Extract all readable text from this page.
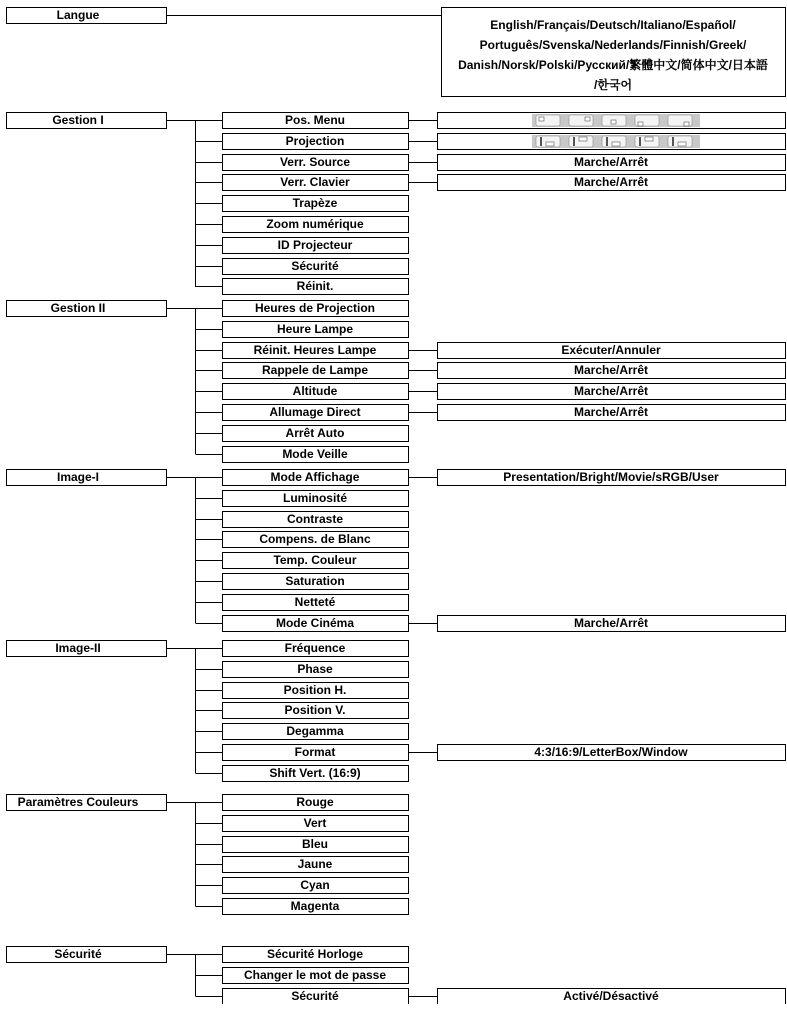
Langue
English/Français/Deutsch/Italiano/Español/
Português/Svenska/Nederlands/Finnish/Greek/
Danish/Norsk/Polski/Русский/繁體中文/简体中文/日本語
/한국어
Gestion I	Pos. Menu
Projection
Verr. Source	Marche/Arrêt
Verr. Clavier	Marche/Arrêt
Trapèze
Zoom numérique
ID Projecteur
Sécurité
Réinit.
Gestion II	Heures de Projection
Heure Lampe
Réinit. Heures Lampe	Exécuter/Annuler
Rappele de Lampe	Marche/Arrêt
Altitude	Marche/Arrêt
Allumage Direct	Marche/Arrêt
Arrêt Auto
Mode Veille
Image-I	Mode Affichage	Presentation/Bright/Movie/sRGB/User
Luminosité
Contraste
Compens. de Blanc
Temp. Couleur
Saturation
Netteté
Mode Cinéma	Marche/Arrêt
Image-II	Fréquence
Phase
Position H.
Position V.
Degamma
Format	4:3/16:9/LetterBox/Window
Shift Vert. (16:9)
Paramètres Couleurs	Rouge
Vert
Bleu
Jaune
Cyan
Magenta
Sécurité	Sécurité Horloge
Changer le mot de passe
Sécurité	Activé/Désactivé
